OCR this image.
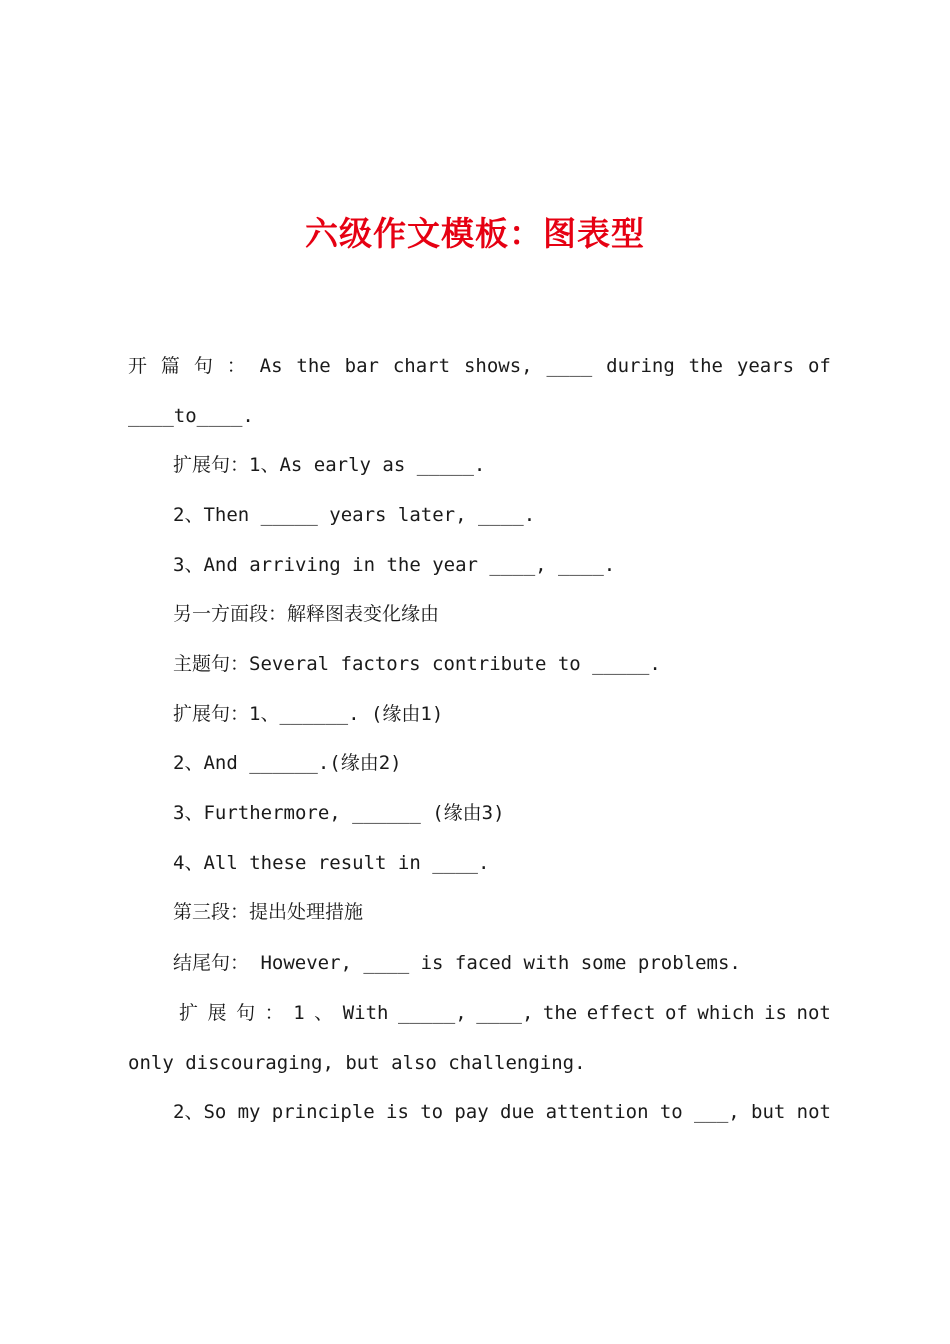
六级作文模板：图表型
开 篇 句 ： As the bar chart shows, ____ during the years of

____to____.

扩展句：1、As early as _____.

2、Then _____ years later, ____.

3、And arriving in the year ____, ____.

另一方面段：解释图表变化缘由

主题句：Several factors contribute to _____.

扩展句：1、______. (缘由1)

2、And ______.(缘由2)

3、Furthermore, ______ (缘由3)

4、All these result in ____.

第三段：提出处理措施

结尾句： However, ____ is faced with some problems.

扩 展 句 ： 1 、 With _____, ____, the effect of which is not

only discouraging, but also challenging.

2、So my principle is to pay due attention to ___, but not
